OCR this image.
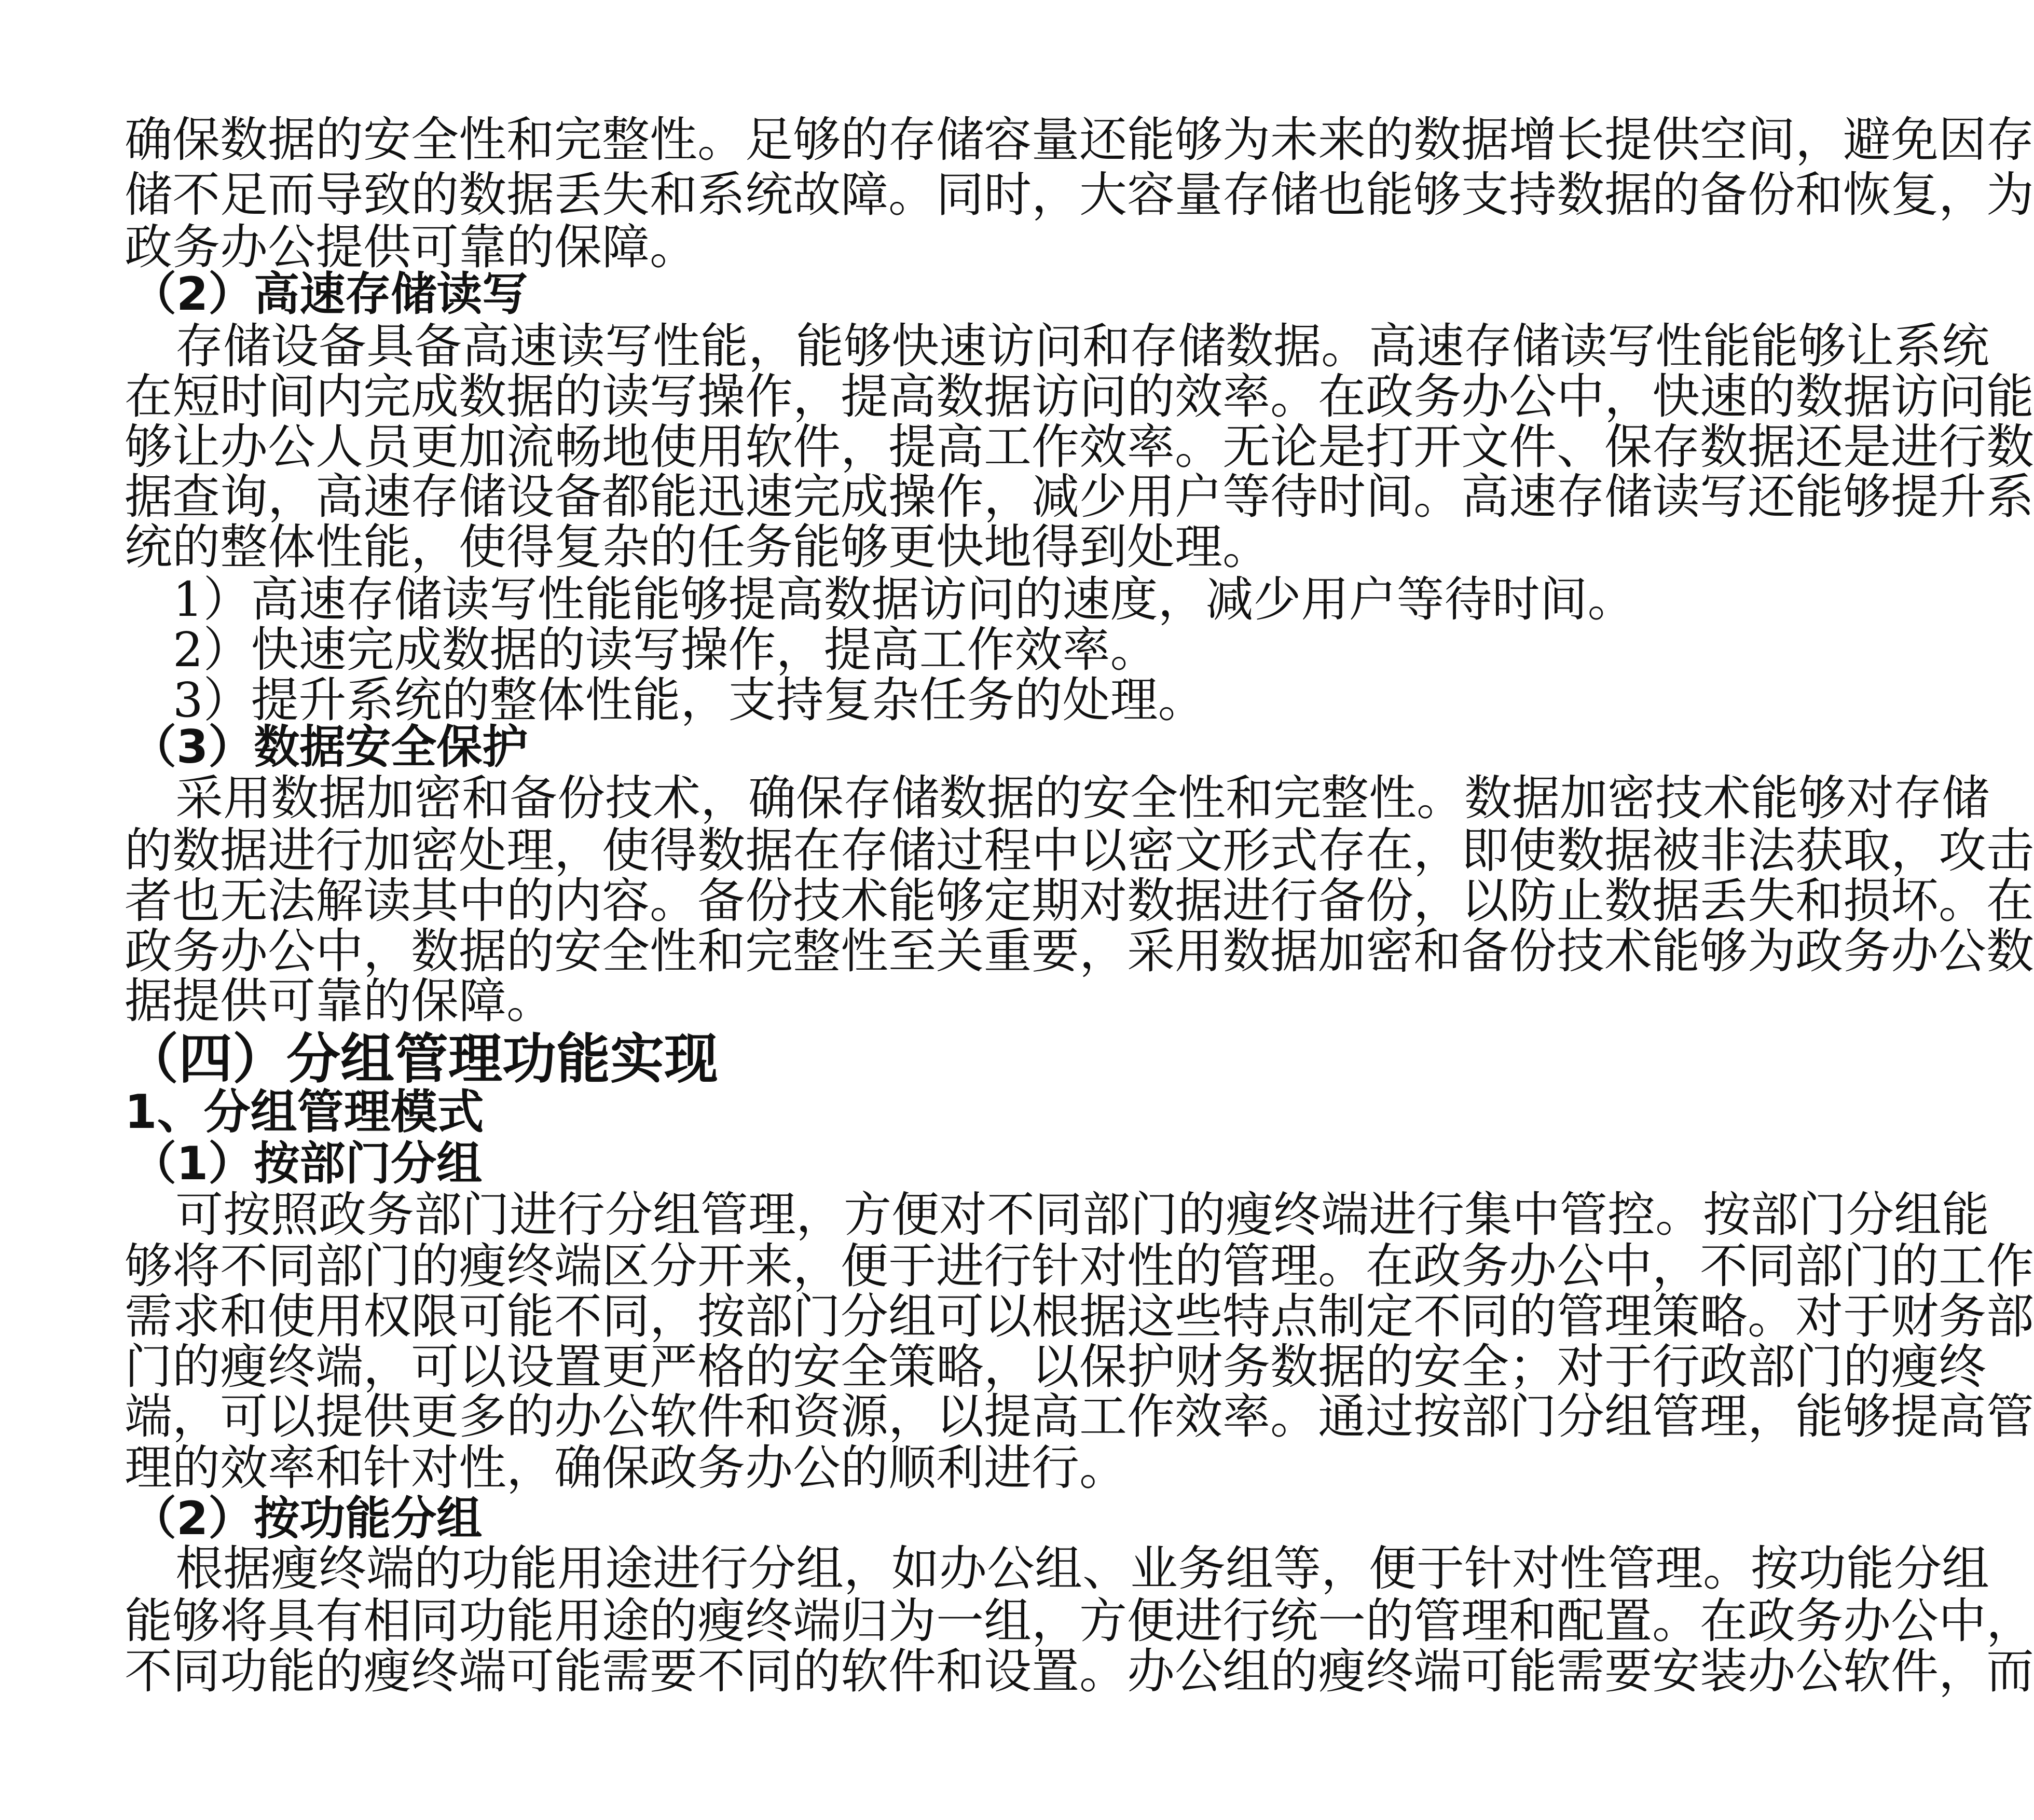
确保数据的安全性和完整性。足够的存储容量还能够为未来的数据增长提供空间，避免因存
储不足而导致的数据丢失和系统故障。同时，大容量存储也能够支持数据的备份和恢复，为
政务办公提供可靠的保障。
（2）高速存储读写
存储设备具备高速读写性能，能够快速访问和存储数据。高速存储读写性能能够让系统
在短时间内完成数据的读写操作，提高数据访问的效率。在政务办公中，快速的数据访问能
够让办公人员更加流畅地使用软件，提高工作效率。无论是打开文件、保存数据还是进行数
据查询，高速存储设备都能迅速完成操作，减少用户等待时间。高速存储读写还能够提升系
统的整体性能，使得复杂的任务能够更快地得到处理。
1）高速存储读写性能能够提高数据访问的速度，减少用户等待时间。
2）快速完成数据的读写操作，提高工作效率。
3）提升系统的整体性能，支持复杂任务的处理。
（3）数据安全保护
采用数据加密和备份技术，确保存储数据的安全性和完整性。数据加密技术能够对存储
的数据进行加密处理，使得数据在存储过程中以密文形式存在，即使数据被非法获取，攻击
者也无法解读其中的内容。备份技术能够定期对数据进行备份，以防止数据丢失和损坏。在
政务办公中，数据的安全性和完整性至关重要，采用数据加密和备份技术能够为政务办公数
据提供可靠的保障。
（四）分组管理功能实现
1、分组管理模式
（1）按部门分组
可按照政务部门进行分组管理，方便对不同部门的瘦终端进行集中管控。按部门分组能
够将不同部门的瘦终端区分开来，便于进行针对性的管理。在政务办公中，不同部门的工作
需求和使用权限可能不同，按部门分组可以根据这些特点制定不同的管理策略。对于财务部
门的瘦终端，可以设置更严格的安全策略，以保护财务数据的安全；对于行政部门的瘦终
端，可以提供更多的办公软件和资源，以提高工作效率。通过按部门分组管理，能够提高管
理的效率和针对性，确保政务办公的顺利进行。
（2）按功能分组
根据瘦终端的功能用途进行分组，如办公组、业务组等，便于针对性管理。按功能分组
能够将具有相同功能用途的瘦终端归为一组，方便进行统一的管理和配置。在政务办公中，
不同功能的瘦终端可能需要不同的软件和设置。办公组的瘦终端可能需要安装办公软件，而
